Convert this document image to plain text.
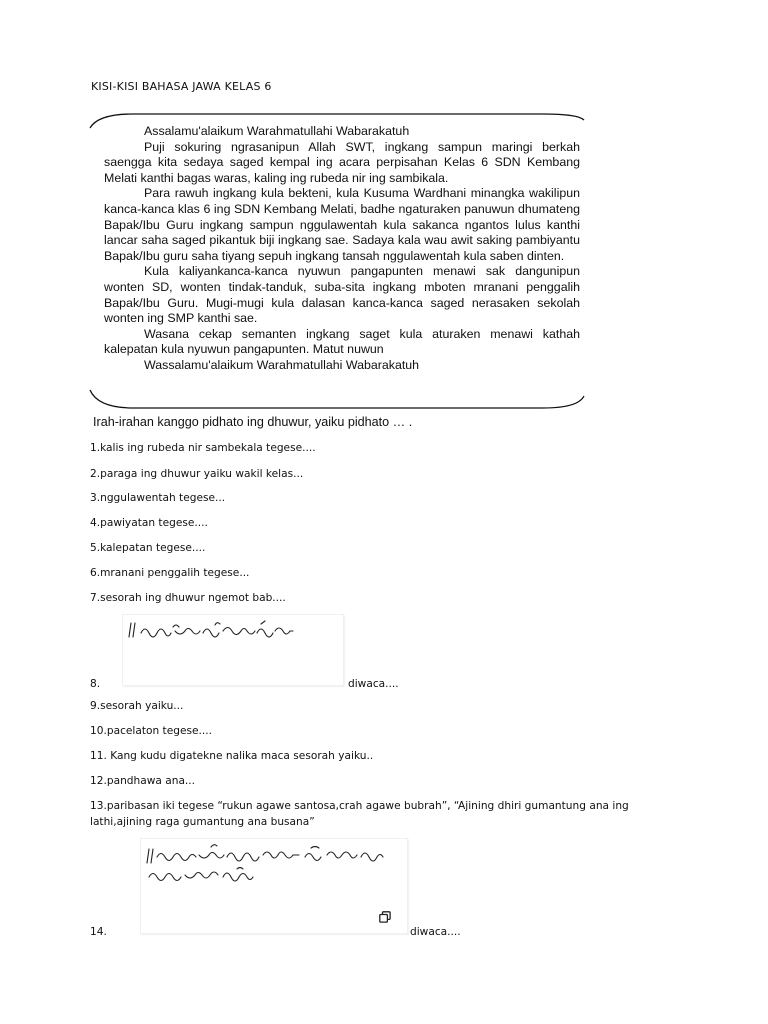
KISI-KISI BAHASA JAWA KELAS 6

Assalamu'alaikum Warahmatullahi Wabarakatuh

Puji sokuring ngrasanipun Allah SWT, ingkang sampun maringi berkah saengga kita sedaya saged kempal ing acara perpisahan Kelas 6 SDN Kembang Melati kanthi bagas waras, kaling ing rubeda nir ing sambikala.

Para rawuh ingkang kula bekteni, kula Kusuma Wardhani minangka wakilipun kanca-kanca klas 6 ing SDN Kembang Melati, badhe ngaturaken panuwun dhumateng Bapak/Ibu Guru ingkang sampun nggulawentah kula sakanca ngantos lulus kanthi lancar saha saged pikantuk biji ingkang sae. Sadaya kala wau awit saking pambiyantu Bapak/Ibu guru saha tiyang sepuh ingkang tansah nggulawentah kula saben dinten.

Kula kaliyankanca-kanca nyuwun pangapunten menawi sak dangunipun wonten SD, wonten tindak-tanduk, suba-sita ingkang mboten mranani penggalih Bapak/Ibu Guru. Mugi-mugi kula dalasan kanca-kanca saged nerasaken sekolah wonten ing SMP kanthi sae.

Wasana cekap semanten ingkang saget kula aturaken menawi kathah kalepatan kula nyuwun pangapunten. Matut nuwun

Wassalamu'alaikum Warahmatullahi Wabarakatuh

Irah-irahan kanggo pidhato ing dhuwur, yaiku pidhato … .
1.kalis ing rubeda nir sambekala tegese....
2.paraga ing dhuwur yaiku wakil kelas...
3.nggulawentah tegese...
4.pawiyatan tegese....
5.kalepatan tegese....
6.mranani penggalih tegese...
7.sesorah ing dhuwur ngemot bab....
8.	diwaca....
9.sesorah yaiku...
10.pacelaton tegese....
11. Kang kudu digatekne nalika maca sesorah yaiku..
12.pandhawa ana...
13.paribasan iki tegese “rukun agawe santosa,crah agawe bubrah”, “Ajining dhiri gumantung ana ing lathi,ajining raga gumantung ana busana”
14.	diwaca....
